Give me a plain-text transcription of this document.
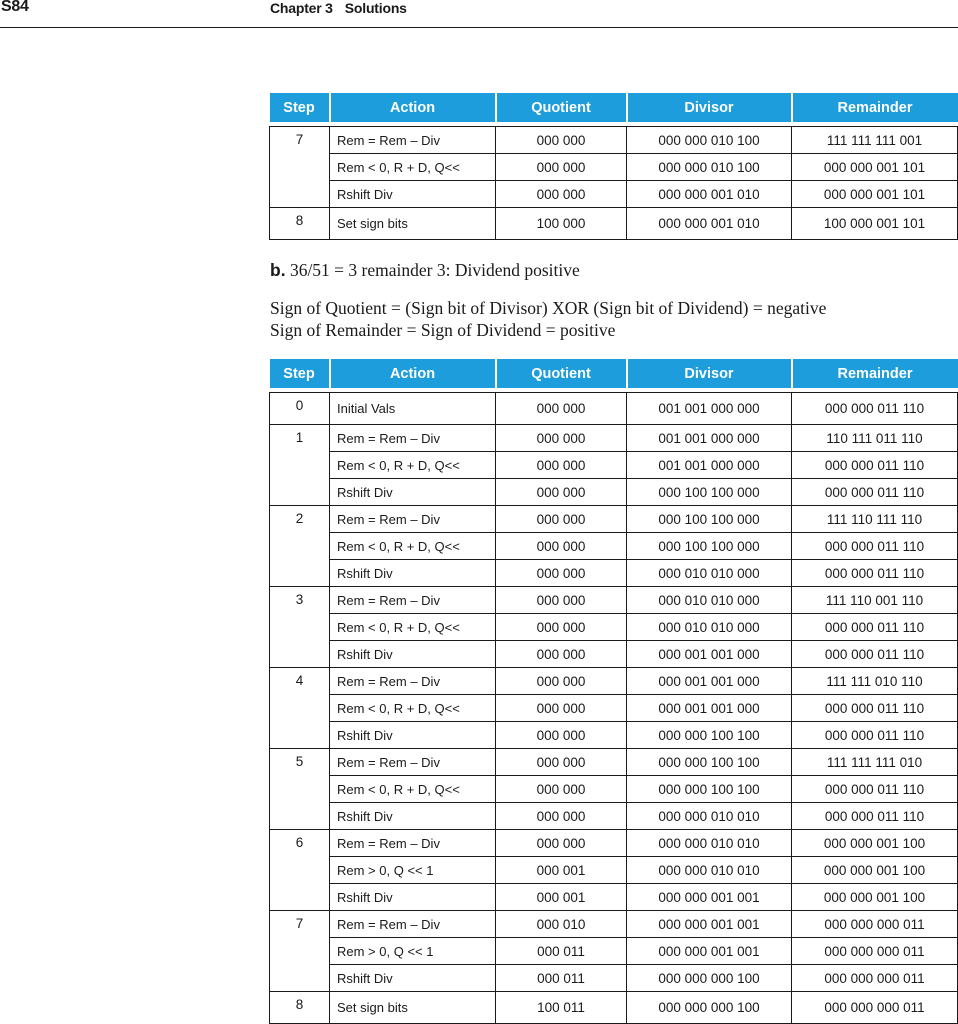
S84	Chapter 3 Solutions
Step	Action	Quotient	Divisor	Remainder

7	Rem = Rem – Div	000 000	000 000 010 100	111 111 111 001
	Rem < 0, R + D, Q<<	000 000	000 000 010 100	000 000 001 101
	Rshift Div	000 000	000 000 001 010	000 000 001 101
8	Set sign bits	100 000	000 000 001 010	100 000 001 101
b. 36/51 = 3 remainder 3: Dividend positive
Sign of Quotient = (Sign bit of Divisor) XOR (Sign bit of Dividend) = negative
Sign of Remainder = Sign of Dividend = positive
Step	Action	Quotient	Divisor	Remainder

0	Initial Vals	000 000	001 001 000 000	000 000 011 110
1	Rem = Rem – Div	000 000	001 001 000 000	110 111 011 110
	Rem < 0, R + D, Q<<	000 000	001 001 000 000	000 000 011 110
	Rshift Div	000 000	000 100 100 000	000 000 011 110
2	Rem = Rem – Div	000 000	000 100 100 000	111 110 111 110
	Rem < 0, R + D, Q<<	000 000	000 100 100 000	000 000 011 110
	Rshift Div	000 000	000 010 010 000	000 000 011 110
3	Rem = Rem – Div	000 000	000 010 010 000	111 110 001 110
	Rem < 0, R + D, Q<<	000 000	000 010 010 000	000 000 011 110
	Rshift Div	000 000	000 001 001 000	000 000 011 110
4	Rem = Rem – Div	000 000	000 001 001 000	111 111 010 110
	Rem < 0, R + D, Q<<	000 000	000 001 001 000	000 000 011 110
	Rshift Div	000 000	000 000 100 100	000 000 011 110
5	Rem = Rem – Div	000 000	000 000 100 100	111 111 111 010
	Rem < 0, R + D, Q<<	000 000	000 000 100 100	000 000 011 110
	Rshift Div	000 000	000 000 010 010	000 000 011 110
6	Rem = Rem – Div	000 000	000 000 010 010	000 000 001 100
	Rem > 0, Q << 1	000 001	000 000 010 010	000 000 001 100
	Rshift Div	000 001	000 000 001 001	000 000 001 100
7	Rem = Rem – Div	000 010	000 000 001 001	000 000 000 011
	Rem > 0, Q << 1	000 011	000 000 001 001	000 000 000 011
	Rshift Div	000 011	000 000 000 100	000 000 000 011
8	Set sign bits	100 011	000 000 000 100	000 000 000 011
